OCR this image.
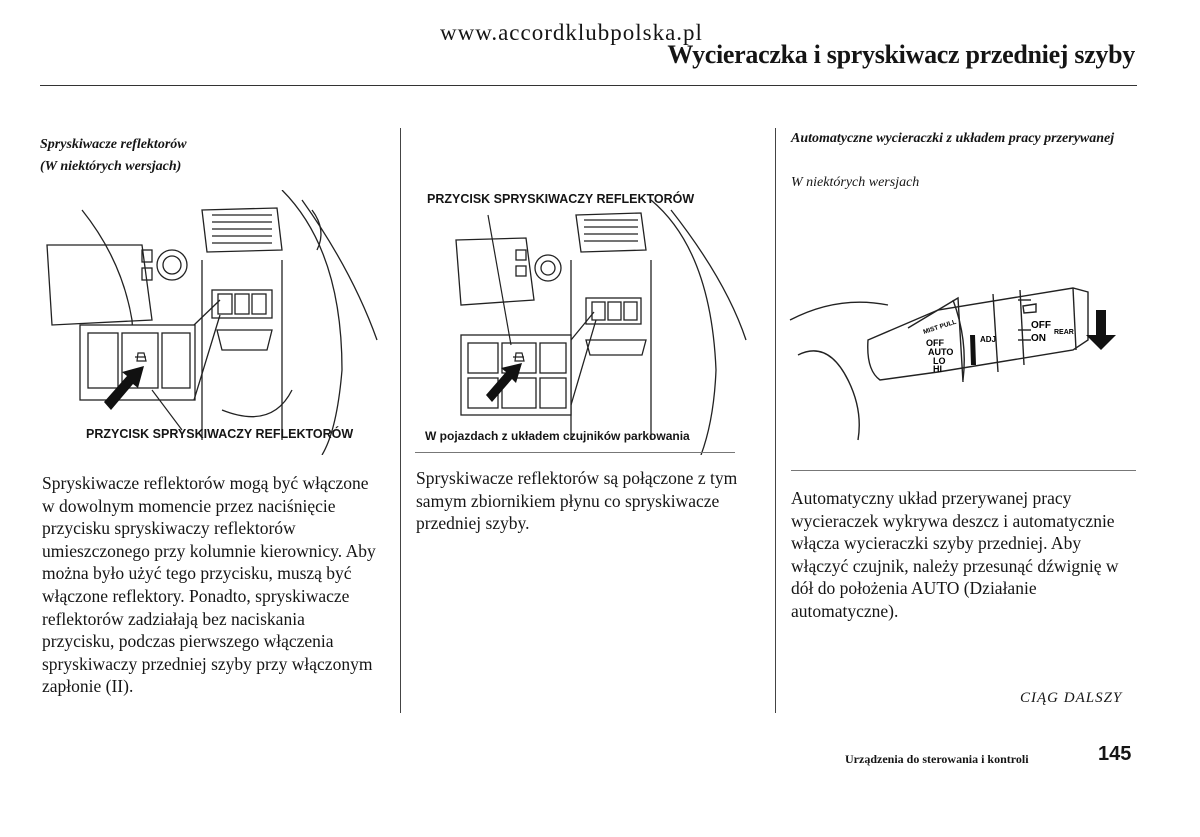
www.accordklubpolska.pl
Wycieraczka i spryskiwacz przedniej szyby
Spryskiwacze reflektorów
(W niektórych wersjach)
PRZYCISK SPRYSKIWACZY REFLEKTORÓW
Spryskiwacze reflektorów mogą być włączone w dowolnym momencie przez naciśnięcie przycisku spryskiwaczy reflektorów umieszczonego przy kolumnie kierownicy. Aby można było użyć tego przycisku, muszą być włączone reflektory. Ponadto, spryskiwacze reflektorów zadziałają bez naciskania przycisku, podczas pierwszego włączenia spryskiwaczy przedniej szyby przy włączonym zapłonie (II).
PRZYCISK SPRYSKIWACZY REFLEKTORÓW
W pojazdach z układem czujników parkowania
Spryskiwacze reflektorów są połączone z tym samym zbiornikiem płynu co spryskiwacze przedniej szyby.
Automatyczne wycieraczki z układem pracy przerywanej
W niektórych wersjach
MIST PULL
OFF
AUTO
LO
HI
ADJ
OFF
ON
REAR
Automatyczny układ przerywanej pracy wycieraczek wykrywa deszcz i automatycznie włącza wycieraczki szyby przedniej. Aby włączyć czujnik, należy przesunąć dźwignię w dół do położenia AUTO (Działanie automatyczne).
CIĄG DALSZY
Urządzenia do sterowania i kontroli	145
